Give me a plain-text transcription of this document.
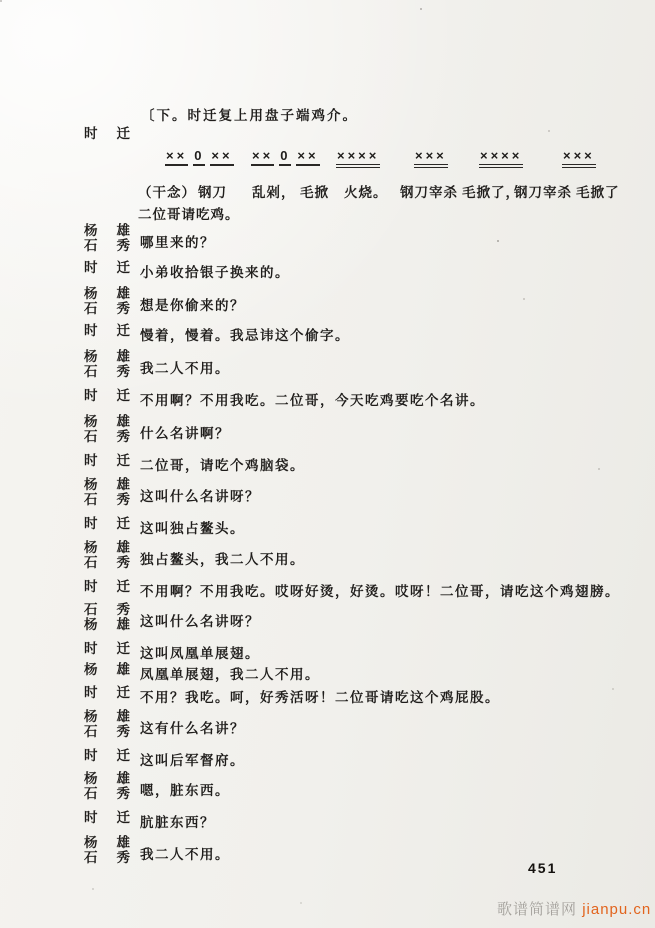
〔下。时迁复上用盘子端鸡介。
时迁
×× 0 ×× ×× 0 ×× ××××	×××	××××	×××
（干念） 钢刀 乱剁， 毛掀 火烧。 钢刀宰杀 毛掀了，
钢刀宰杀 毛掀了
二位哥请吃鸡。
杨雄
石秀 哪里来的？
时迁 小弟收拾银子换来的。
杨雄
石秀 想是你偷来的？
时迁 慢着，慢着。我忌讳这个偷字。
杨雄
石秀 我二人不用。
时迁 不用啊？不用我吃。二位哥，今天吃鸡要吃个名讲。
杨雄
石秀 什么名讲啊？
时迁 二位哥，请吃个鸡脑袋。
杨雄
石秀 这叫什么名讲呀？
时迁 这叫独占鳌头。
杨雄
石秀 独占鳌头，我二人不用。
时迁 不用啊？不用我吃。哎呀好烫，好烫。哎呀！二位哥，请吃这个鸡翅膀。
石秀
杨雄 这叫什么名讲呀？
时迁 这叫凤凰单展翅。
杨雄 凤凰单展翅，我二人不用。
时迁 不用？我吃。呵，好秀活呀！二位哥请吃这个鸡屁股。
杨雄
石秀 这有什么名讲？
时迁 这叫后军督府。
杨雄
石秀 嗯，脏东西。
时迁 肮脏东西？
杨雄
石秀 我二人不用。
451
歌谱简谱网 jianpu.cn
